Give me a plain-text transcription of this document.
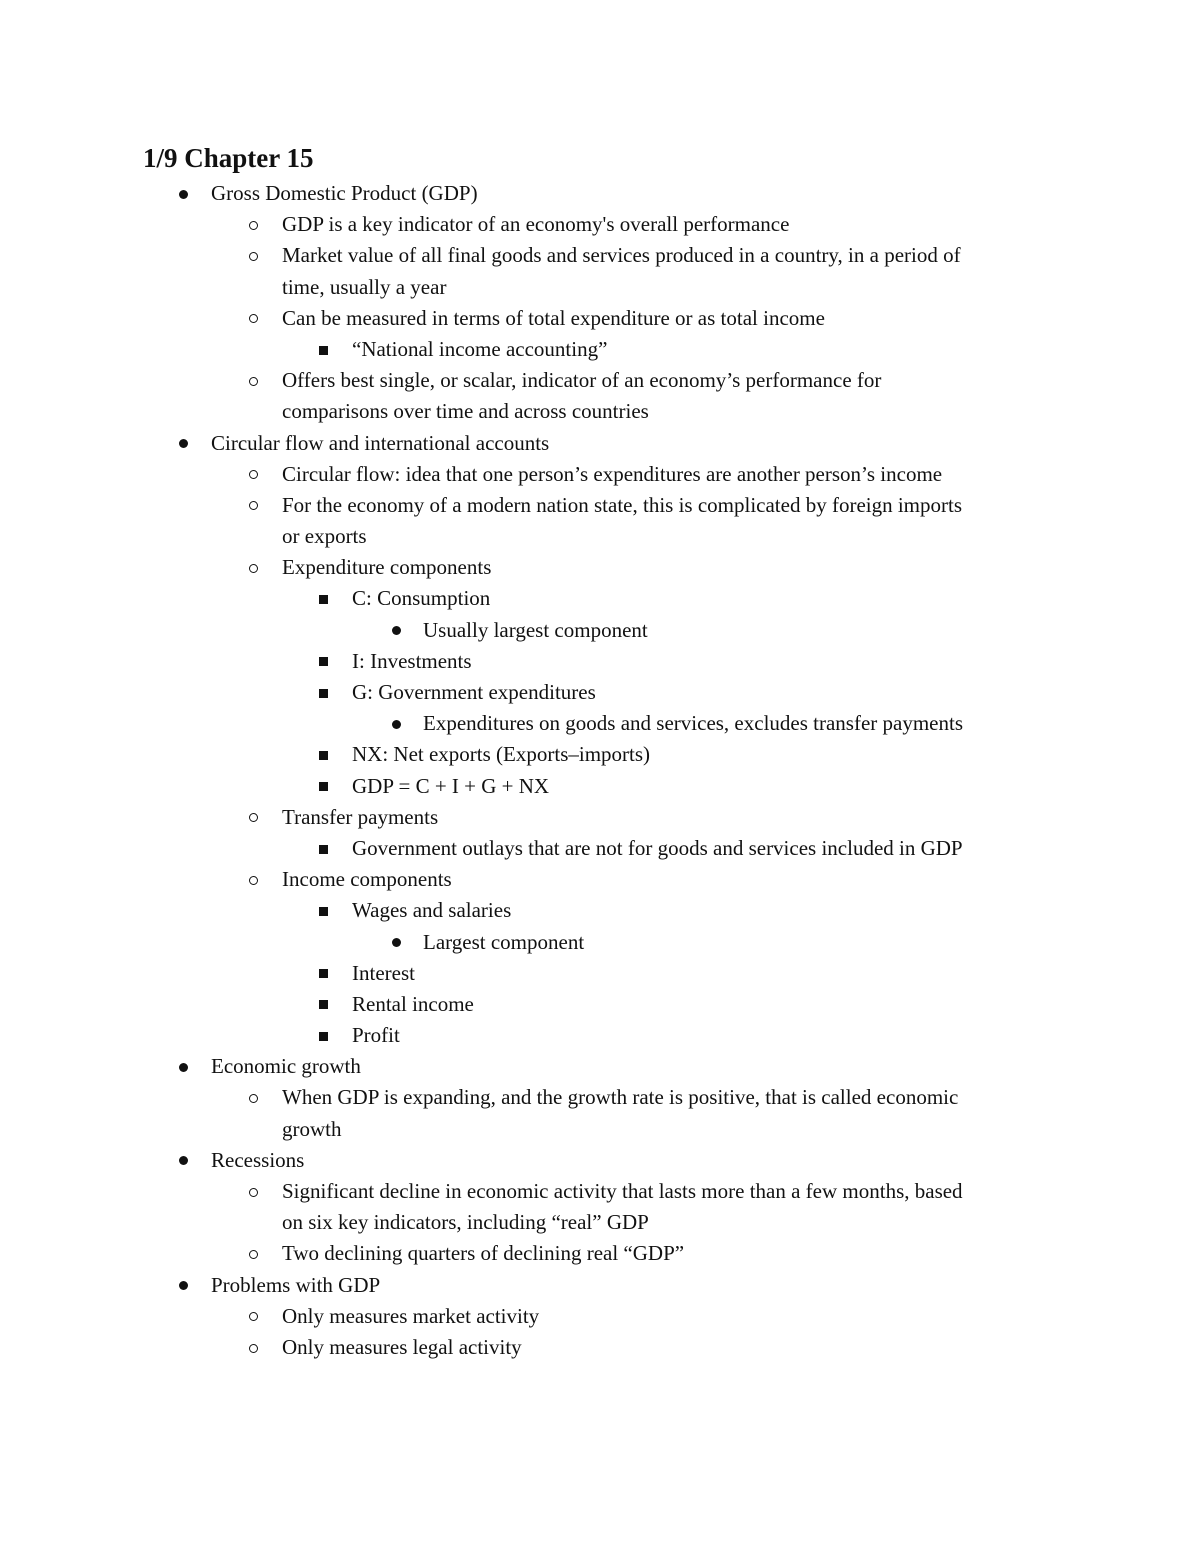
1/9 Chapter 15
Gross Domestic Product (GDP)
GDP is a key indicator of an economy's overall performance
Market value of all final goods and services produced in a country, in a period of
time, usually a year
Can be measured in terms of total expenditure or as total income
“National income accounting”
Offers best single, or scalar, indicator of an economy’s performance for
comparisons over time and across countries
Circular flow and international accounts
Circular flow: idea that one person’s expenditures are another person’s income
For the economy of a modern nation state, this is complicated by foreign imports
or exports
Expenditure components
C: Consumption
Usually largest component
I: Investments
G: Government expenditures
Expenditures on goods and services, excludes transfer payments
NX: Net exports (Exports–imports)
GDP = C + I + G + NX
Transfer payments
Government outlays that are not for goods and services included in GDP
Income components
Wages and salaries
Largest component
Interest
Rental income
Profit
Economic growth
When GDP is expanding, and the growth rate is positive, that is called economic
growth
Recessions
Significant decline in economic activity that lasts more than a few months, based
on six key indicators, including “real” GDP
Two declining quarters of declining real “GDP”
Problems with GDP
Only measures market activity
Only measures legal activity
